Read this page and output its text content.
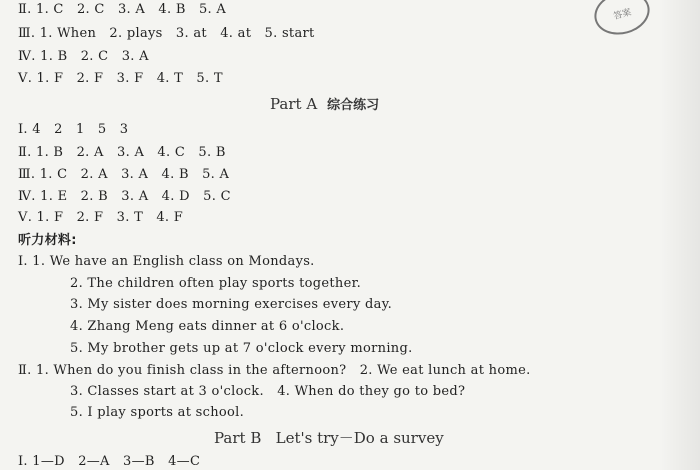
答案
Ⅱ. 1. C   2. C   3. A   4. B   5. A
Ⅲ. 1. When   2. plays   3. at   4. at   5. start
Ⅳ. 1. B   2. C   3. A
Ⅴ. 1. F   2. F   3. F   4. T   5. T
Part A 综合练习
Ⅰ. 4   2   1   5   3
Ⅱ. 1. B   2. A   3. A   4. C   5. B
Ⅲ. 1. C   2. A   3. A   4. B   5. A
Ⅳ. 1. E   2. B   3. A   4. D   5. C
Ⅴ. 1. F   2. F   3. T   4. F
听力材料:
Ⅰ. 1. We have an English class on Mondays.
2. The children often play sports together.
3. My sister does morning exercises every day.
4. Zhang Meng eats dinner at 6 o'clock.
5. My brother gets up at 7 o'clock every morning.
Ⅱ. 1. When do you finish class in the afternoon?   2. We eat lunch at home.
3. Classes start at 3 o'clock.   4. When do they go to bed?
5. I play sports at school.
Part B   Let's try－Do a survey
Ⅰ. 1—D   2—A   3—B   4—C
